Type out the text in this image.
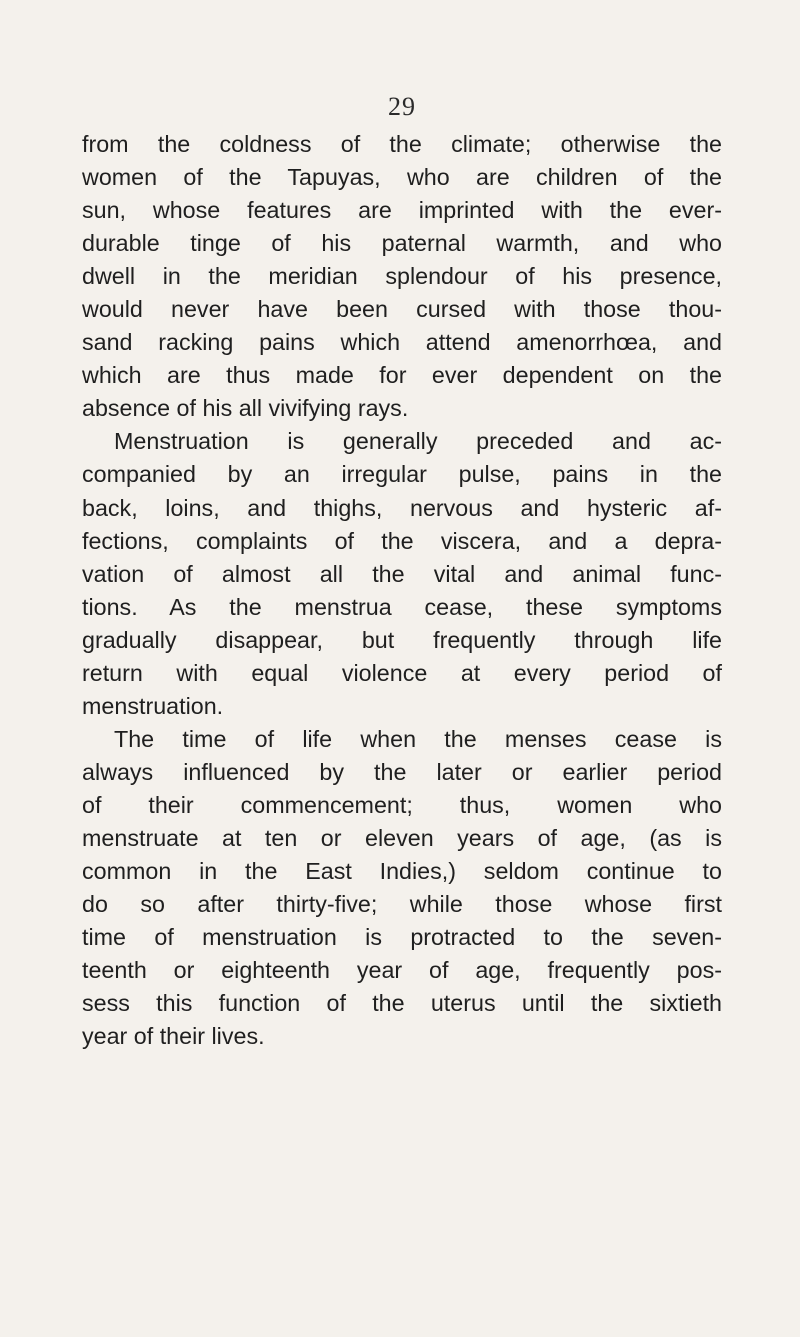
29
from the coldness of the climate; otherwise the
women of the Tapuyas, who are children of the
sun, whose features are imprinted with the ever-
durable tinge of his paternal warmth, and who
dwell in the meridian splendour of his presence,
would never have been cursed with those thou-
sand racking pains which attend amenorrhœa, and
which are thus made for ever dependent on the
absence of his all vivifying rays.
Menstruation is generally preceded and ac-
companied by an irregular pulse, pains in the
back, loins, and thighs, nervous and hysteric af-
fections, complaints of the viscera, and a depra-
vation of almost all the vital and animal func-
tions. As the menstrua cease, these symptoms
gradually disappear, but frequently through life
return with equal violence at every period of
menstruation.
The time of life when the menses cease is
always influenced by the later or earlier period
of their commencement; thus, women who
menstruate at ten or eleven years of age, (as is
common in the East Indies,) seldom continue to
do so after thirty-five; while those whose first
time of menstruation is protracted to the seven-
teenth or eighteenth year of age, frequently pos-
sess this function of the uterus until the sixtieth
year of their lives.
